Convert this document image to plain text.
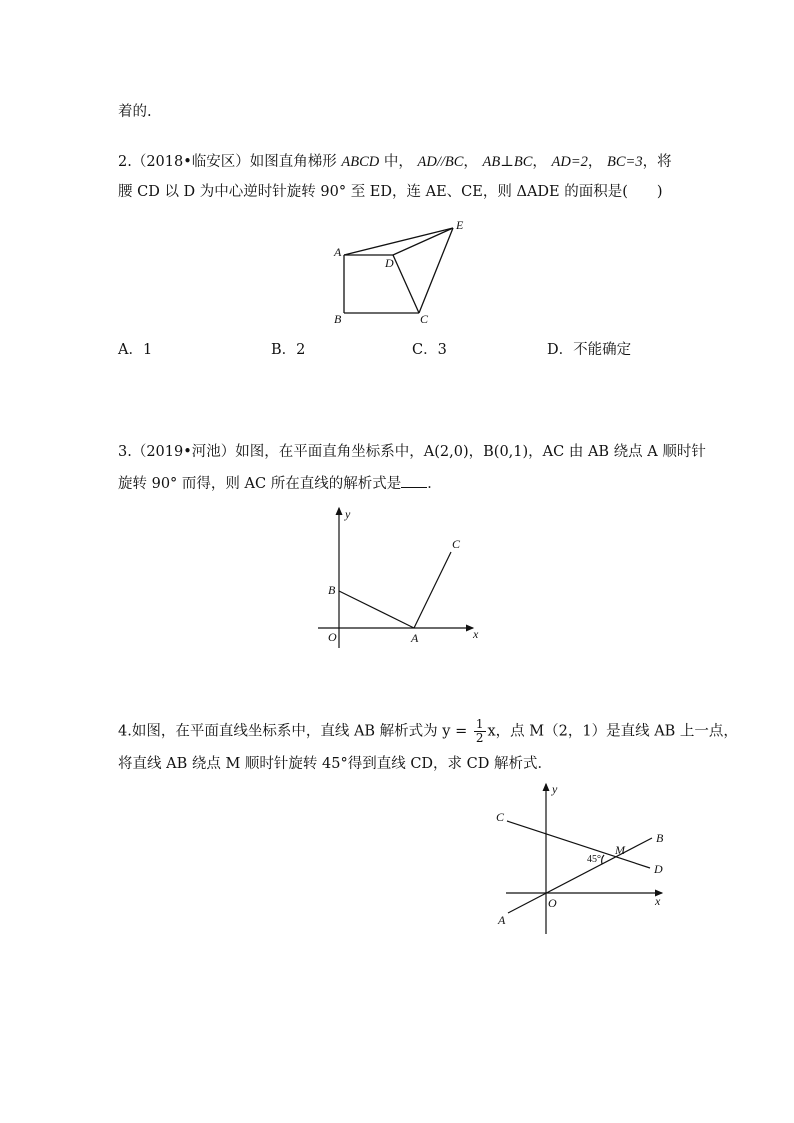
着的.
2.（2018•临安区）如图直角梯形 ABCD 中， AD//BC， AB⊥BC， AD=2， BC=3，将
腰 CD 以 D 为中心逆时针旋转 90° 至 ED，连 AE、CE，则 ΔADE 的面积是(　　)
A
B	C
D
E
A．1	B．2	C．3	D．不能确定
3.（2019•河池）如图，在平面直角坐标系中，A(2,0)，B(0,1)，AC 由 AB 绕点 A 顺时针
旋转 90° 而得，则 AC 所在直线的解析式是 ．
y
x
O	A
B
C
4.如图，在平面直线坐标系中，直线 AB 解析式为 $y = \frac{1}{2}$ x，点 M（2，1）是直线 AB 上一点，
将直线 AB 绕点 M 顺时针旋转 45°得到直线 CD，求 CD 解析式．
y
x
O
A
B
C
D
M
45°
